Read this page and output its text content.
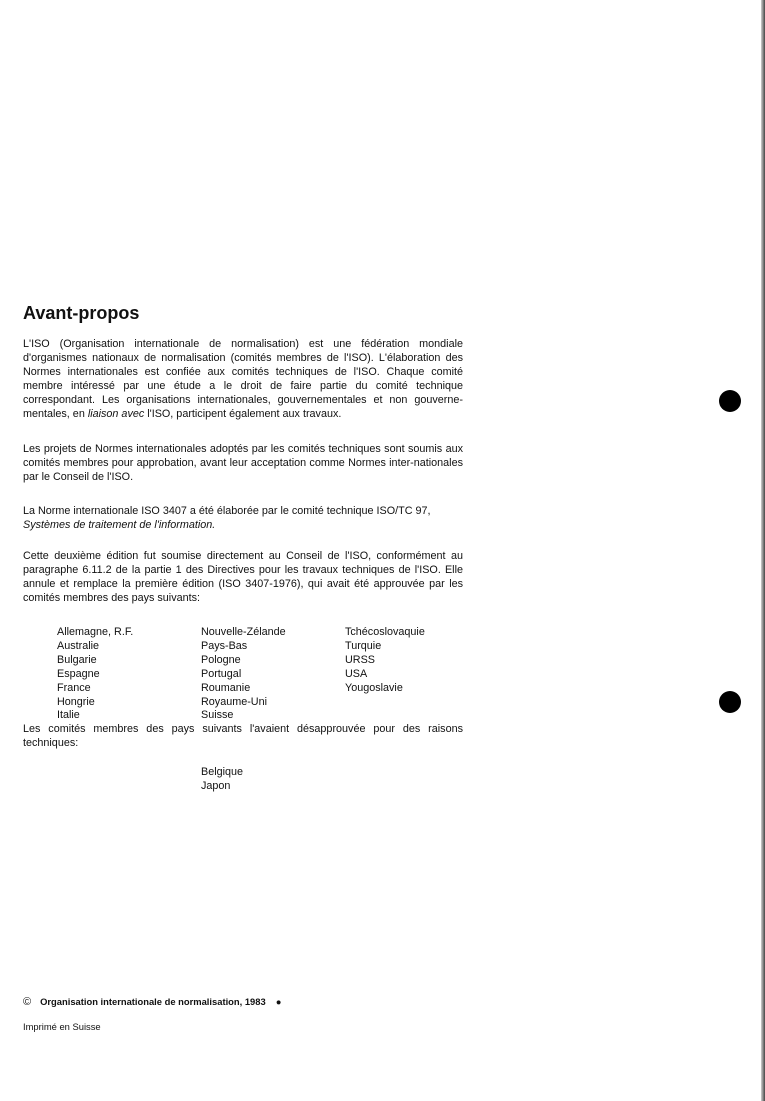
Avant-propos

L'ISO (Organisation internationale de normalisation) est une fédération mondiale d'organismes nationaux de normalisation (comités membres de l'ISO). L'élaboration des Normes internationales est confiée aux comités techniques de l'ISO. Chaque comité membre intéressé par une étude a le droit de faire partie du comité technique correspondant. Les organisations internationales, gouvernementales et non gouverne-mentales, en liaison avec l'ISO, participent également aux travaux.

Les projets de Normes internationales adoptés par les comités techniques sont soumis aux comités membres pour approbation, avant leur acceptation comme Normes inter-nationales par le Conseil de l'ISO.

La Norme internationale ISO 3407 a été élaborée par le comité technique ISO/TC 97,
Systèmes de traitement de l'information.

Cette deuxième édition fut soumise directement au Conseil de l'ISO, conformément au paragraphe 6.11.2 de la partie 1 des Directives pour les travaux techniques de l'ISO. Elle annule et remplace la première édition (ISO 3407-1976), qui avait été approuvée par les comités membres des pays suivants:

Allemagne, R.F.
Australie
Bulgarie
Espagne
France
Hongrie
Italie
Nouvelle-Zélande
Pays-Bas
Pologne
Portugal
Roumanie
Royaume-Uni
Suisse
Tchécoslovaquie
Turquie
URSS
USA
Yougoslavie

Les comités membres des pays suivants l'avaient désapprouvée pour des raisons techniques:

Belgique
Japon
© Organisation internationale de normalisation, 1983 ●
Imprimé en Suisse
